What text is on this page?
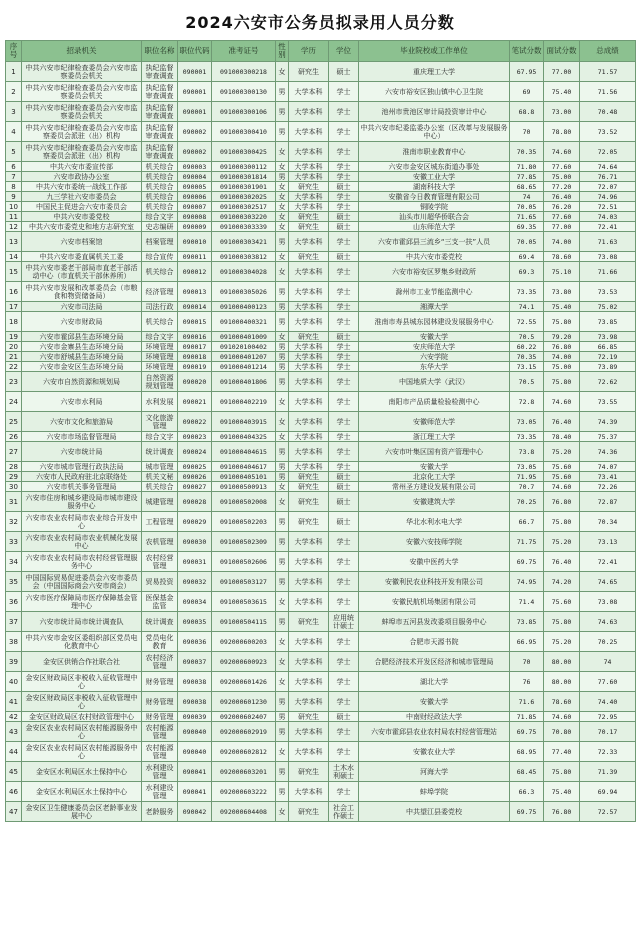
2024六安市公务员拟录用人员分数
序号	招录机关	职位名称	职位代码	准考证号	性别	学历	学位	毕业院校或工作单位	笔试分数	面试分数	总成绩
1	中共六安市纪律检查委员会六安市监察委员会机关	执纪监督审查调查	090001	091000300218	女	研究生	硕士	重庆理工大学	67.95	77.00	71.57
2	中共六安市纪律检查委员会六安市监察委员会机关	执纪监督审查调查	090001	091000300130	男	大学本科	学士	六安市裕安区独山镇中心卫生院	69	75.40	71.56
3	中共六安市纪律检查委员会六安市监察委员会机关	执纪监督审查调查	090001	091000300106	男	大学本科	学士	池州市贵池区审计局投资审计中心	68.8	73.00	70.48
4	中共六安市纪律检查委员会六安市监察委员会派驻（出）机构	执纪监督审查调查	090002	091000300410	男	大学本科	学士	中共六安市纪委监委办公室（区改革与发展服务中心）	70	78.80	73.52
5	中共六安市纪律检查委员会六安市监察委员会派驻（出）机构	执纪监督审查调查	090002	091000300425	女	大学本科	学士	淮南市职业教育中心	70.35	74.60	72.05
6	中共六安市委宣传部	机关综合	090003	091000300112	女	大学本科	学士	六安市金安区城东街道办事处	71.80	77.60	74.64
7	六安市政协办公室	机关综合	090004	091000301814	男	大学本科	学士	安徽工业大学	77.85	75.00	76.71
8	中共六安市委统一战线工作部	机关综合	090005	091000301901	女	研究生	硕士	湖南科技大学	68.65	77.20	72.07
9	九三学社六安市委员会	机关综合	090006	091000302025	女	大学本科	学士	安徽省今日教育管理有限公司	74	76.40	74.96
10	中国民主促进会六安市委员会	机关综合	090007	091000302517	女	大学本科	学士	铜陵学院	70.05	76.20	72.51
11	中共六安市委党校	综合文字	090008	091000303220	女	研究生	硕士	汕头市川超华侨联合会	71.65	77.60	74.03
12	中共六安市委党史和地方志研究室	史志编研	090009	091000303339	女	研究生	硕士	山东师范大学	69.35	77.00	72.41
13	六安市档案馆	档案管理	090010	091000303421	男	大学本科	学士	六安市霍邱县三流乡“三支一扶”人员	70.05	74.00	71.63
14	中共六安市委直属机关工委	综合宣传	090011	091000303812	女	研究生	硕士	中共六安市委党校	69.4	78.60	73.08
15	中共六安市委老干部局市直老干部活动中心（市直机关干部休养所）	机关综合	090012	091000304028	女	大学本科	学士	六安市裕安区罗集乡财政所	69.3	75.10	71.66
16	中共六安市发展和改革委员会（市粮食和物资储备局）	经济管理	090013	091000305026	男	大学本科	学士	滁州市工业节能监测中心	73.35	73.80	73.53
17	六安市司法局	司法行政	090014	091000400123	男	大学本科	学士	湘潭大学	74.1	75.40	75.02
18	六安市财政局	机关综合	090015	091000400321	男	大学本科	学士	淮南市寿县城东园林建设发展服务中心	72.55	75.80	73.85
19	六安市霍邱县生态环境分局	综合文字	090016	091000401009	女	研究生	硕士	安徽大学	70.5	79.20	73.98
20	六安市金寨县生态环境分局	环境管理	090017	091020100402	男	大学本科	学士	安庆师范大学	60.22	76.80	66.85
21	六安市舒城县生态环境分局	环境管理	090018	091000401207	男	大学本科	学士	六安学院	70.35	74.00	72.19
22	六安市金安区生态环境分局	环境管理	090019	091000401214	男	大学本科	学士	东华大学	73.15	75.00	73.89
23	六安市自然资源和规划局	自然资源规划管理	090020	091000401806	男	大学本科	学士	中国地质大学（武汉）	70.5	75.80	72.62
24	六安市水利局	水利发展	090021	091000402219	女	大学本科	学士	南阳市产品质量检验检测中心	72.8	74.60	73.55
25	六安市文化和旅游局	文化旅游管理	090022	091000403915	女	大学本科	学士	安徽师范大学	73.05	76.40	74.39
26	六安市市场监督管理局	综合文字	090023	091000404325	女	大学本科	学士	浙江理工大学	73.35	78.40	75.37
27	六安市统计局	统计调查	090024	091000404615	男	大学本科	学士	六安市叶集区国有资产管理中心	73.8	75.20	74.36
28	六安市城市管理行政执法局	城市管理	090025	091000404617	男	大学本科	学士	安徽大学	73.05	75.60	74.07
29	六安市人民政府驻北京联络处	机关文秘	090026	091000405101	男	研究生	硕士	北京化工大学	71.95	75.60	73.41
30	六安市机关事务管理局	机关综合	090027	091000500913	女	研究生	硕士	常州圣方建设发展有限公司	70.7	74.60	72.26
31	六安市住房和城乡建设局市城市建设服务中心	城建管理	090028	091000502008	女	研究生	硕士	安徽建筑大学	70.25	76.80	72.87
32	六安市农业农村局市农业综合开发中心	工程管理	090029	091000502203	男	研究生	硕士	华北水利水电大学	66.7	75.80	70.34
33	六安市农业农村局市农业机械化发展中心	农机管理	090030	091000502309	男	大学本科	学士	安徽六安技师学院	71.75	75.20	73.13
34	六安市农业农村局市农村经营管理服务中心	农村经营管理	090031	091000502606	男	大学本科	学士	安徽中医药大学	69.75	76.40	72.41
35	中国国际贸易促进委员会六安市委员会（中国国际商会六安市商会）	贸易投资	090032	091000503127	男	大学本科	学士	安徽利民农业科技开发有限公司	74.95	74.20	74.65
36	六安市医疗保障局市医疗保障基金管理中心	医保基金监管	090034	091000503615	女	大学本科	学士	安徽民航机场集团有限公司	71.4	75.60	73.08
37	六安市统计局市统计调查队	统计调查	090035	091000504115	男	研究生	应用统计硕士	蚌埠市五河县发改委项目服务中心	73.85	75.80	74.63
38	中共六安市金安区委组织部区党员电化教育中心	党员电化教育	090036	092000600203	女	大学本科	学士	合肥市天源书院	66.95	75.20	70.25
39	金安区供销合作社联合社	农村经济管理	090037	092000600923	女	大学本科	学士	合肥经济技术开发区经济和城市管理局	70	80.00	74
40	金安区财政局区非税收入征收管理中心	财务管理	090038	092000601426	女	大学本科	学士	湖北大学	76	80.00	77.60
41	金安区财政局区非税收入征收管理中心	财务管理	090038	092000601230	男	大学本科	学士	安徽大学	71.6	78.60	74.40
42	金安区财政局区农村财政管理中心	财务管理	090039	092000602407	男	研究生	硕士	中南财经政法大学	71.85	74.60	72.95
43	金安区农业农村局区农村能源服务中心	农村能源管理	090040	092000602919	男	大学本科	学士	六安市霍邱县农业农村局农村经营管理站	69.75	70.80	70.17
44	金安区农业农村局区农村能源服务中心	农村能源管理	090040	092000602812	女	大学本科	学士	安徽农业大学	68.95	77.40	72.33
45	金安区水利局区水土保持中心	水利建设管理	090041	092000603201	男	研究生	土木水利硕士	河海大学	68.45	75.80	71.39
46	金安区水利局区水土保持中心	水利建设管理	090041	092000603222	男	大学本科	学士	蚌埠学院	66.3	75.40	69.94
47	金安区卫生健康委员会区老龄事业发展中心	老龄服务	090042	092000604408	女	研究生	社会工作硕士	中共望江县委党校	69.75	76.80	72.57
